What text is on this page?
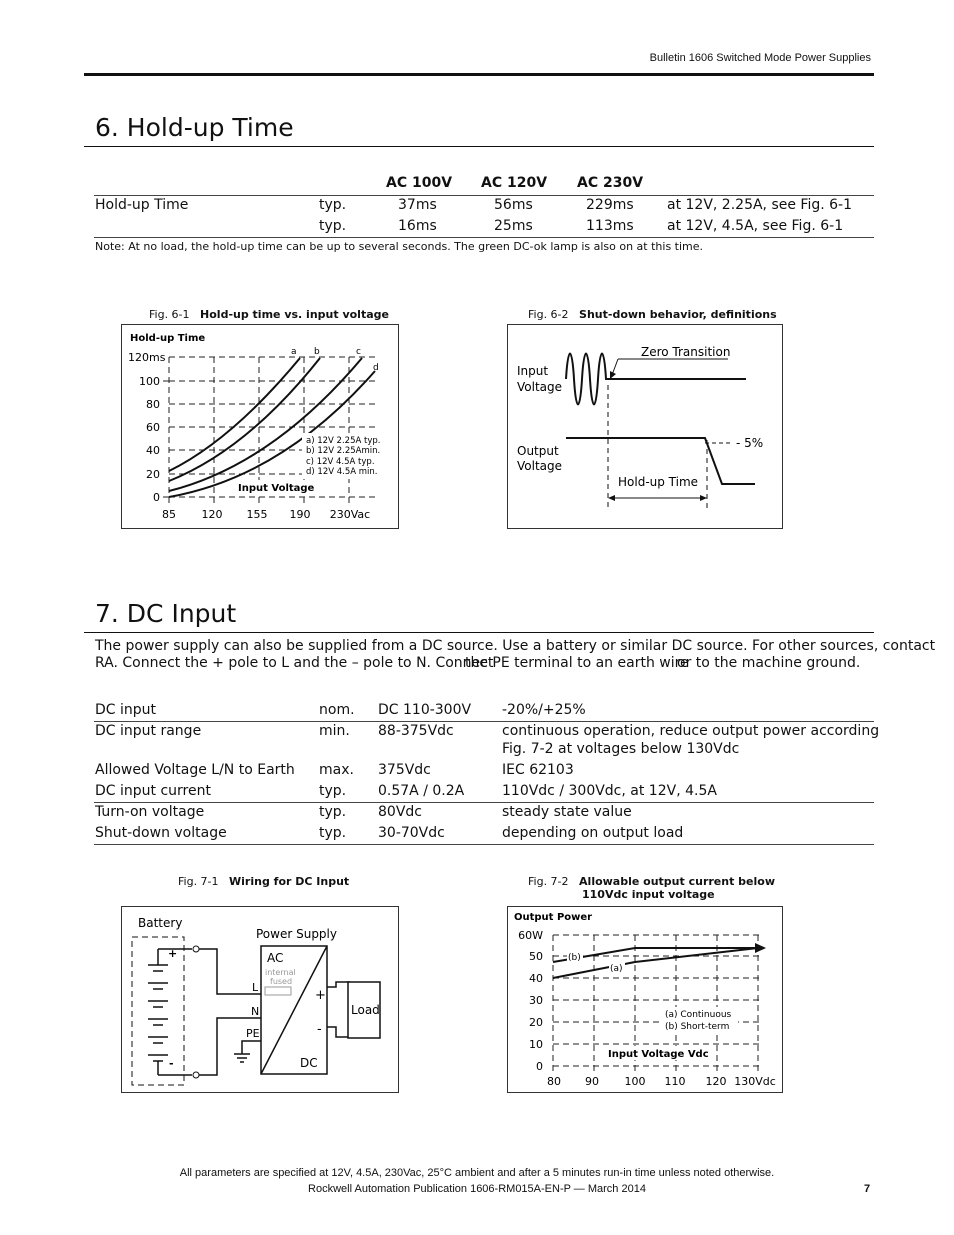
Bulletin 1606 Switched Mode Power Supplies
6. Hold-up Time
AC 100V AC 120V AC 230V
Hold-up Time	typ.	37ms	56ms	229ms at 12V, 2.25A, see Fig. 6-1
typ.	16ms	25ms	113ms at 12V, 4.5A, see Fig. 6-1
Note: At no load, the hold-up time can be up to several seconds. The green DC-ok lamp is also on at this time.
Fig. 6-1 Hold-up time vs. input voltage
Hold-up Time
120ms
100
80
60
40
20
0
a b	c
d
a) 12V 2.25A typ.
b) 12V 2.25Amin.
c) 12V 4.5A typ.
d) 12V 4.5A min.
Input Voltage
85 120 155 190 230Vac
Fig. 6-2 Shut-down behavior, definitions
Input
Voltage
Zero Transition
Output
Voltage
- 5%
Hold-up Time
7. DC Input
The power supply can also be supplied from a DC source. Use a battery or similar DC source. For other sources, contact
RA. Connect the + pole to L and the – pole to N. Connect
the PE terminal to an earth wire
or to the machine ground.
DC input	nom. DC 110-300V -20%/+25%
DC input range	min. 88-375Vdc	continuous operation, reduce output power according
Fig. 7-2 at voltages below 130Vdc
Allowed Voltage L/N to Earth max. 375Vdc	IEC 62103
DC input current	typ. 0.57A / 0.2A	110Vdc / 300Vdc, at 12V, 4.5A
Turn-on voltage	typ. 80Vdc	steady state value
Shut-down voltage	typ. 30-70Vdc	depending on output load
Fig. 7-1 Wiring for DC Input
Battery
+
-
Power Supply
AC
internal
fused
L
N
PE
DC
+
-
Load
Fig. 7-2 Allowable output current below
110Vdc input voltage
Output Power
60W
50
40
30
20
10
0
(b)
(a)
(a) Continuous
(b) Short-term
Input Voltage Vdc
80 90 100 110 120 130Vdc
All parameters are specified at 12V, 4.5A, 230Vac, 25°C ambient and after a 5 minutes run-in time unless noted otherwise.
Rockwell Automation Publication 1606-RM015A-EN-P — March 2014	7
